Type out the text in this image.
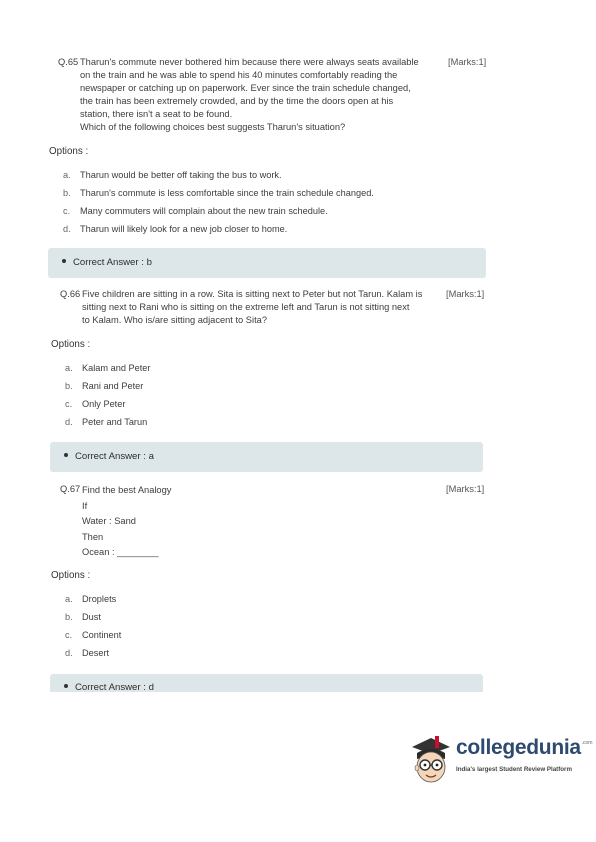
Q.65	[Marks:1]
Tharun's commute never bothered him because there were always seats available
on the train and he was able to spend his 40 minutes comfortably reading the
newspaper or catching up on paperwork. Ever since the train schedule changed,
the train has been extremely crowded, and by the time the doors open at his
station, there isn't a seat to be found.
Which of the following choices best suggests Tharun's situation?
Options :
a. Tharun would be better off taking the bus to work.
b. Tharun's commute is less comfortable since the train schedule changed.
c. Many commuters will complain about the new train schedule.
d. Tharun will likely look for a new job closer to home.
Correct Answer : b
Q.66	[Marks:1]
Five children are sitting in a row. Sita is sitting next to Peter but not Tarun. Kalam is
sitting next to Rani who is sitting on the extreme left and Tarun is not sitting next
to Kalam. Who is/are sitting adjacent to Sita?
Options :
a. Kalam and Peter
b. Rani and Peter
c. Only Peter
d. Peter and Tarun
Correct Answer : a
Q.67	[Marks:1]
Find the best Analogy
If
Water : Sand
Then
Ocean : ________
Options :
a. Droplets
b. Dust
c. Continent
d. Desert
Correct Answer : d
collegedunia$^{.com}$
India's largest Student Review Platform
